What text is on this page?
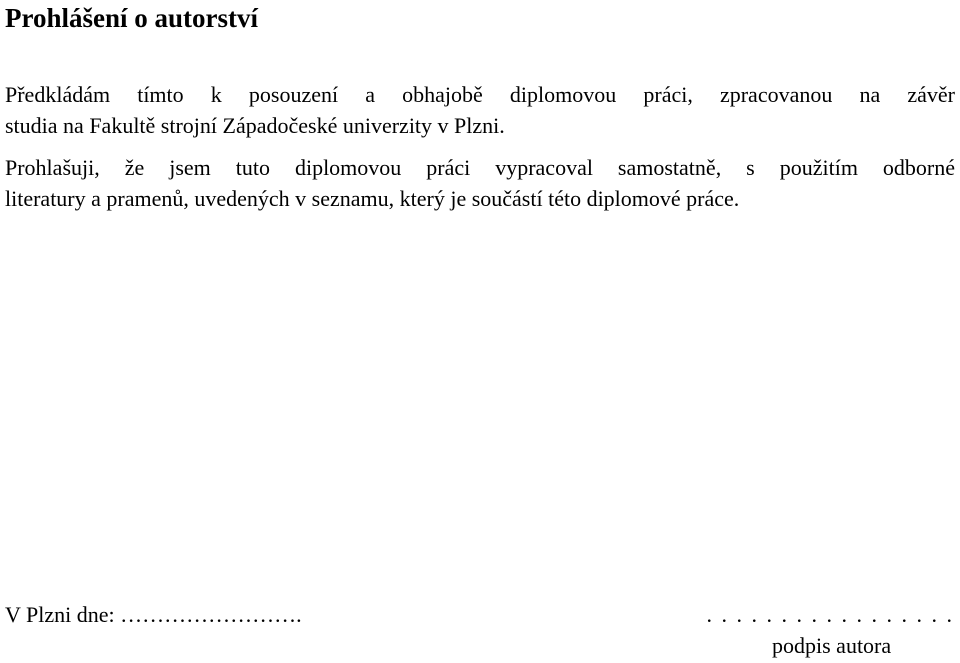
Prohlášení o autorství
Předkládám tímto k posouzení a obhajobě diplomovou práci, zpracovanou na závěr
studia na Fakultě strojní Západočeské univerzity v Plzni.
Prohlašuji, že jsem tuto diplomovou práci vypracoval samostatně, s použitím odborné
literatury a pramenů, uvedených v seznamu, který je součástí této diplomové práce.
V Plzni dne: …………………….	. . . . . . . . . . . . . . . . .
podpis autora
